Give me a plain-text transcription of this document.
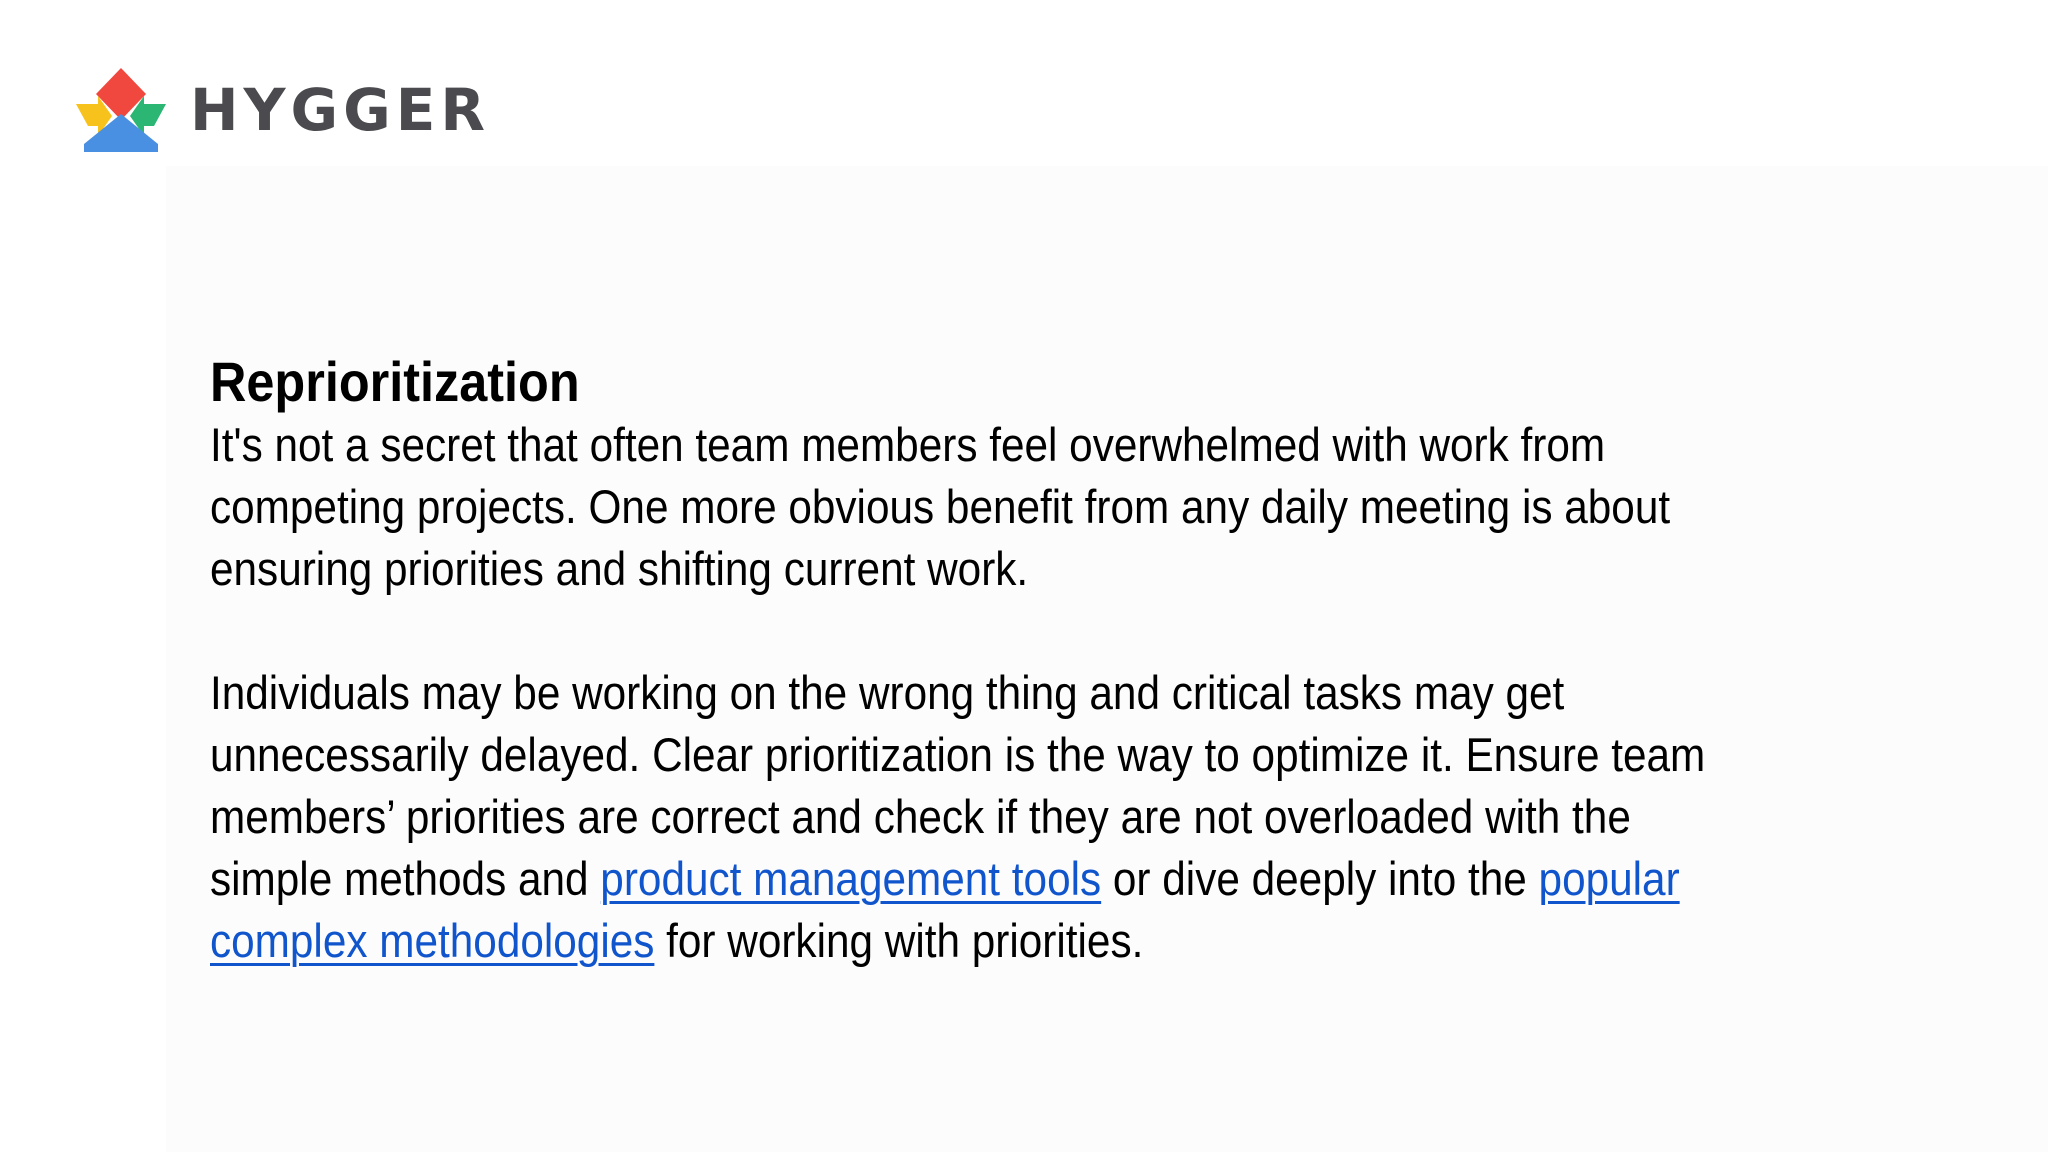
HYGGER
Reprioritization

It's not a secret that often team members feel overwhelmed with work from
competing projects. One more obvious benefit from any daily meeting is about
ensuring priorities and shifting current work.

Individuals may be working on the wrong thing and critical tasks may get
unnecessarily delayed. Clear prioritization is the way to optimize it. Ensure team
members’ priorities are correct and check if they are not overloaded with the
simple methods and product management tools or dive deeply into the popular
complex methodologies for working with priorities.
